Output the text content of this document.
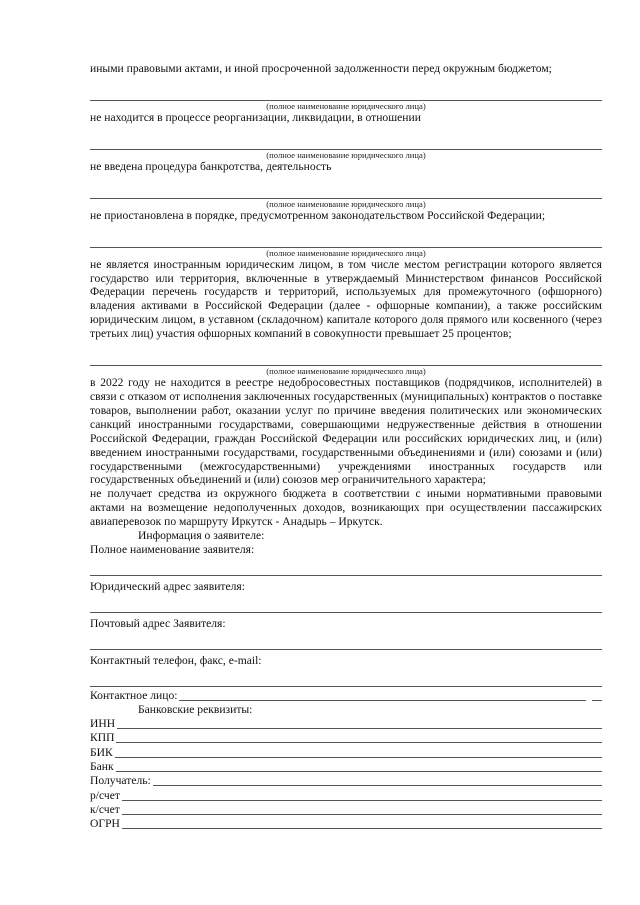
иными правовыми актами, и иной просроченной задолженности перед окружным бюджетом;

(полное наименование юридического лица)

не находится в процессе реорганизации, ликвидации, в отношении

(полное наименование юридического лица)

не введена процедура банкротства, деятельность

(полное наименование юридического лица)

не приостановлена в порядке, предусмотренном законодательством Российской Федерации;

(полное наименование юридического лица)

не является иностранным юридическим лицом, в том числе местом регистрации которого является государство или территория, включенные в утверждаемый Министерством финансов Российской Федерации перечень государств и территорий, используемых для промежуточного (офшорного) владения активами в Российской Федерации (далее - офшорные компании), а также российским юридическим лицом, в уставном (складочном) капитале которого доля прямого или косвенного (через третьих лиц) участия офшорных компаний в совокупности превышает 25 процентов;

(полное наименование юридического лица)

в 2022 году не находится в реестре недобросовестных поставщиков (подрядчиков, исполнителей) в связи с отказом от исполнения заключенных государственных (муниципальных) контрактов о поставке товаров, выполнении работ, оказании услуг по причине введения политических или экономических санкций иностранными государствами, совершающими недружественные действия в отношении Российской Федерации, граждан Российской Федерации или российских юридических лиц, и (или) введением иностранными государствами, государственными объединениями и (или) союзами и (или) государственными (межгосударственными) учреждениями иностранных государств или государственных объединений и (или) союзов мер ограничительного характера;

не получает средства из окружного бюджета в соответствии с иными нормативными правовыми актами на возмещение недополученных доходов, возникающих при осуществлении пассажирских авиаперевозок по маршруту Иркутск - Анадырь – Иркутск.

Информация о заявителе:
Полное наименование заявителя:
Юридический адрес заявителя:
Почтовый адрес Заявителя:
Контактный телефон, факс, e-mail:
Контактное лицо:
Банковские реквизиты:
ИНН
КПП
БИК
Банк
Получатель:
р/счет
к/счет
ОГРН
